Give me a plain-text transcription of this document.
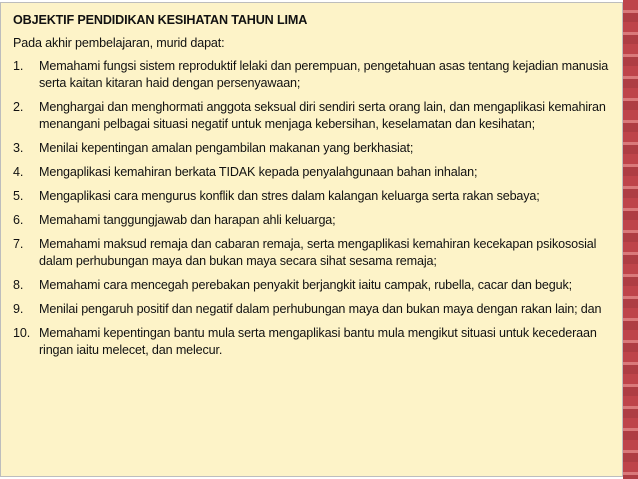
OBJEKTIF PENDIDIKAN KESIHATAN TAHUN LIMA
Pada akhir pembelajaran, murid dapat:
1.	Memahami fungsi sistem reproduktif lelaki dan perempuan, pengetahuan asas tentang kejadian manusia serta kaitan kitaran haid dengan persenyawaan;
2.	Menghargai dan menghormati anggota seksual diri sendiri serta orang lain, dan mengaplikasi kemahiran menangani pelbagai situasi negatif untuk menjaga kebersihan, keselamatan dan kesihatan;
3.	Menilai kepentingan amalan pengambilan makanan yang berkhasiat;
4.	Mengaplikasi kemahiran berkata TIDAK kepada penyalahgunaan bahan inhalan;
5.	Mengaplikasi cara mengurus konflik dan stres dalam kalangan keluarga serta rakan sebaya;
6.	Memahami tanggungjawab dan harapan ahli keluarga;
7.	Memahami maksud remaja dan cabaran remaja, serta mengaplikasi kemahiran kecekapan psikososial dalam perhubungan maya dan bukan maya secara sihat sesama remaja;
8.	Memahami cara mencegah perebakan penyakit berjangkit iaitu campak, rubella, cacar dan beguk;
9.	Menilai pengaruh positif dan negatif dalam perhubungan maya dan bukan maya dengan rakan lain; dan
10. Memahami kepentingan bantu mula serta mengaplikasi bantu mula mengikut situasi untuk kecederaan ringan iaitu melecet, dan melecur.
